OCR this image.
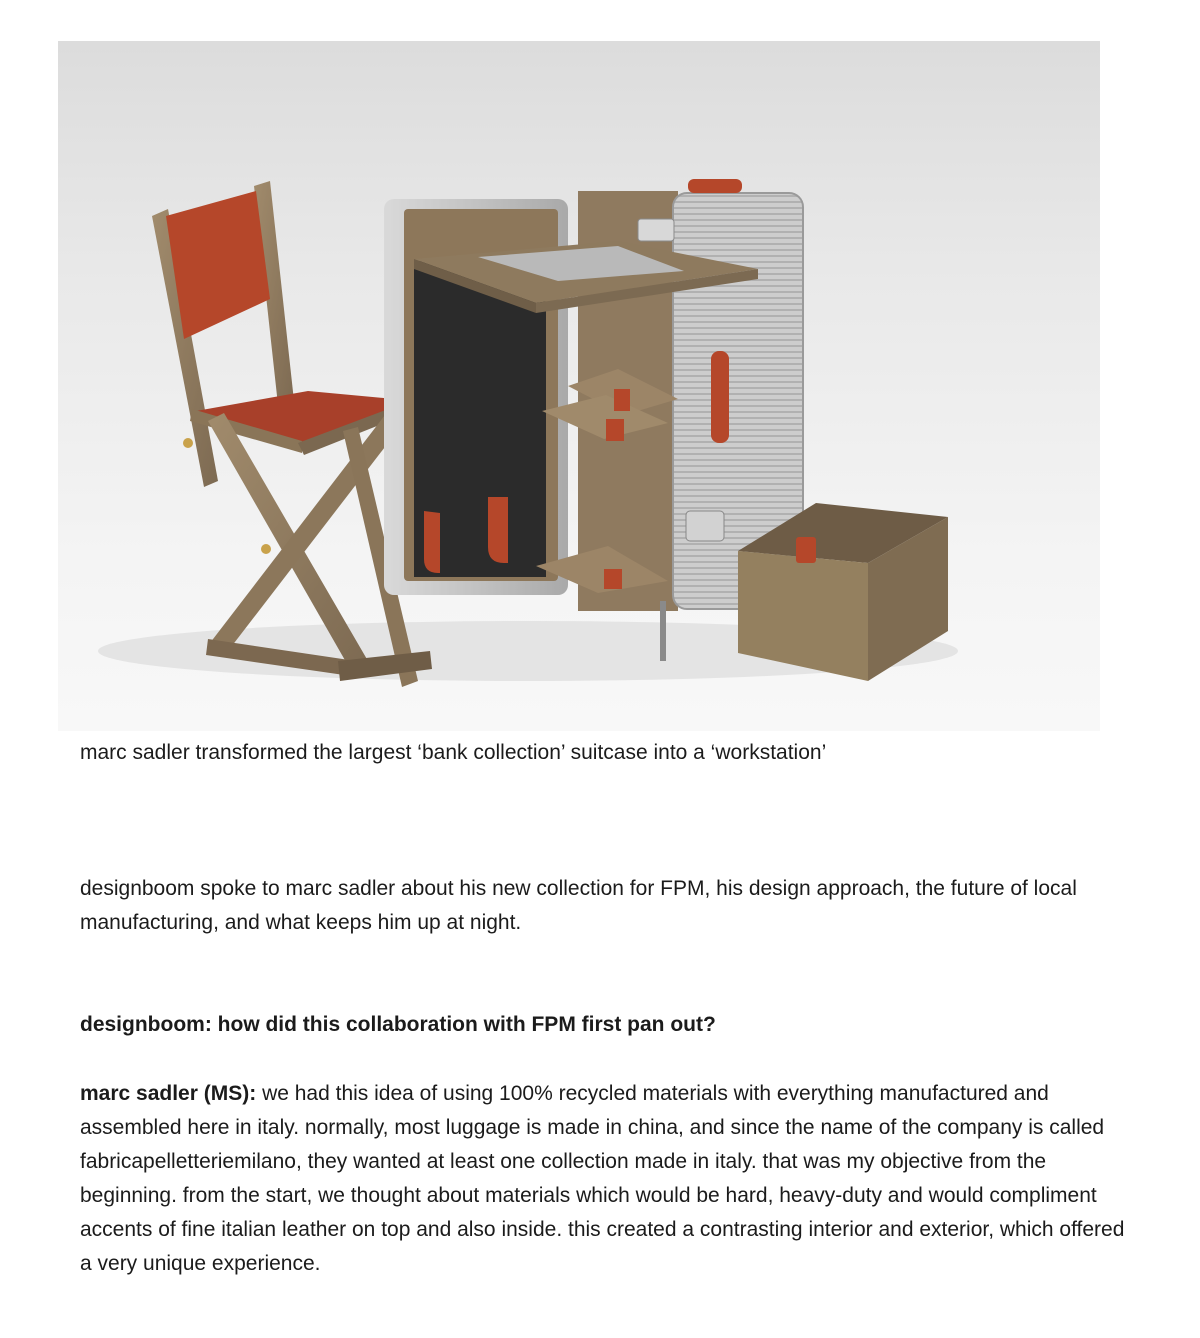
marc sadler transformed the largest ‘bank collection’ suitcase into a ‘workstation’

designboom spoke to marc sadler about his new collection for FPM, his design approach, the future of local manufacturing, and what keeps him up at night.

designboom: how did this collaboration with FPM first pan out?

marc sadler (MS): we had this idea of using 100% recycled materials with everything manufactured and assembled here in italy. normally, most luggage is made in china, and since the name of the company is called fabricapelletteriemilano, they wanted at least one collection made in italy. that was my objective from the beginning. from the start, we thought about materials which would be hard, heavy-duty and would compliment accents of fine italian leather on top and also inside. this created a contrasting interior and exterior, which offered a very unique experience.
